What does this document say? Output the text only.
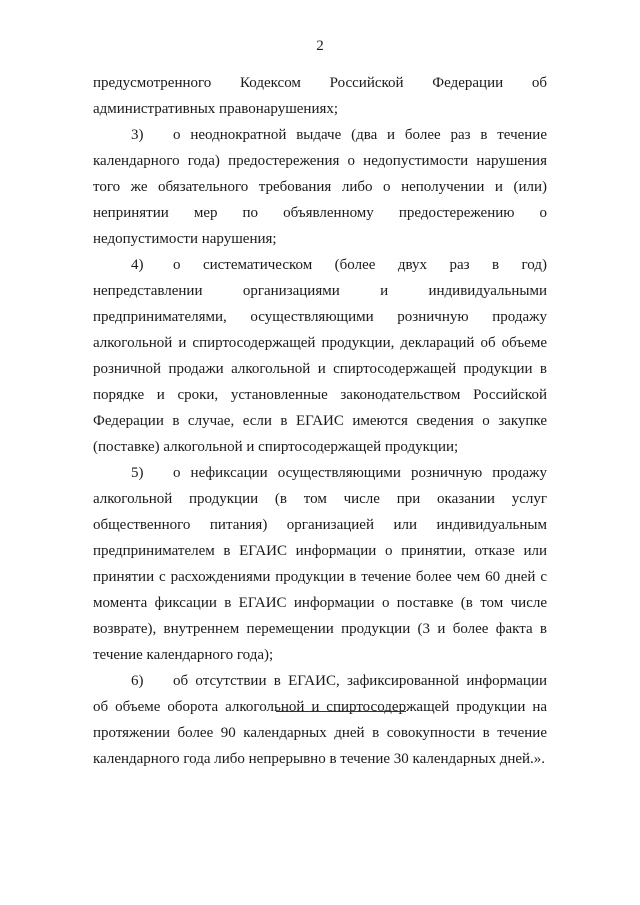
2

предусмотренного Кодексом Российской Федерации об административных правонарушениях;

3) о неоднократной выдаче (два и более раз в течение календарного года) предостережения о недопустимости нарушения того же обязательного требования либо о неполучении и (или) непринятии мер по объявленному предостережению о недопустимости нарушения;

4) о систематическом (более двух раз в год) непредставлении организациями и индивидуальными предпринимателями, осуществляющими розничную продажу алкогольной и спиртосодержащей продукции, деклараций об объеме розничной продажи алкогольной и спиртосодержащей продукции в порядке и сроки, установленные законодательством Российской Федерации в случае, если в ЕГАИС имеются сведения о закупке (поставке) алкогольной и спиртосодержащей продукции;

5) о нефиксации осуществляющими розничную продажу алкогольной продукции (в том числе при оказании услуг общественного питания) организацией или индивидуальным предпринимателем в ЕГАИС информации о принятии, отказе или принятии с расхождениями продукции в течение более чем 60 дней с момента фиксации в ЕГАИС информации о поставке (в том числе возврате), внутреннем перемещении продукции (3 и более факта в течение календарного года);

6) об отсутствии в ЕГАИС, зафиксированной информации об объеме оборота алкогольной и спиртосодержащей продукции на протяжении более 90 календарных дней в совокупности в течение календарного года либо непрерывно в течение 30 календарных дней.».
